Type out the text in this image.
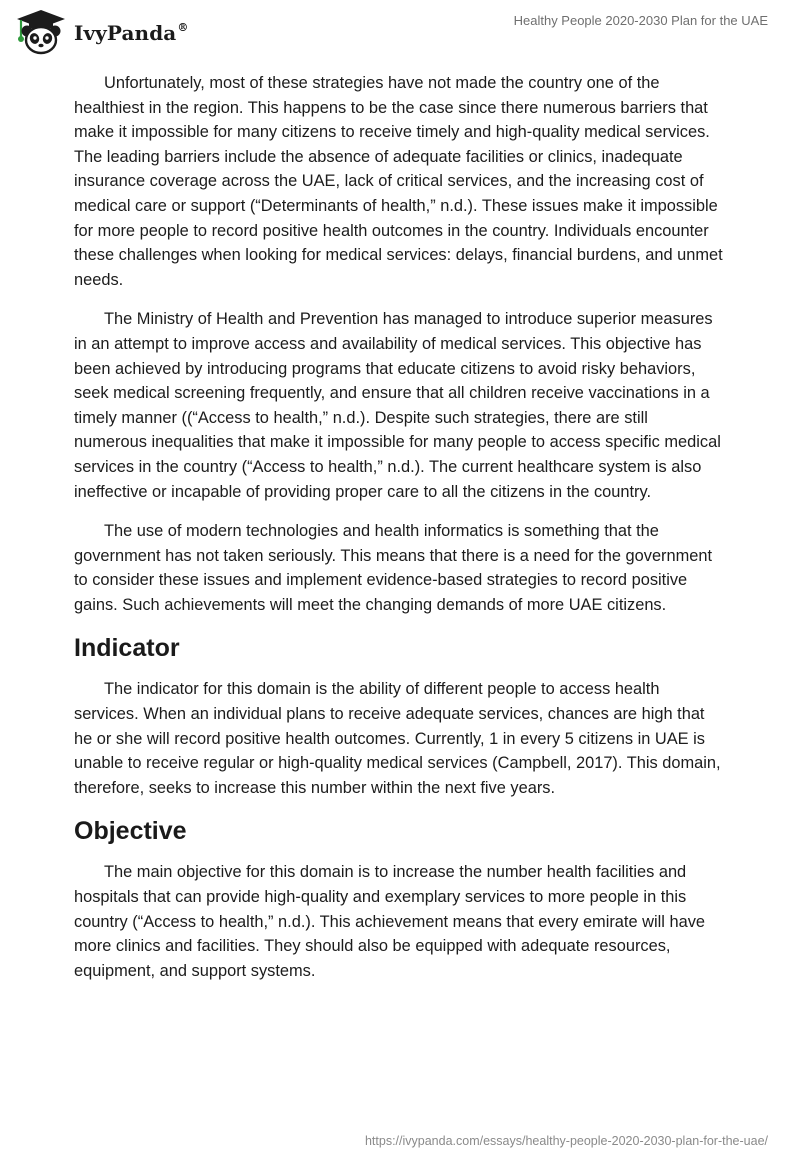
IvyPanda®	Healthy People 2020-2030 Plan for the UAE

Unfortunately, most of these strategies have not made the country one of the healthiest in the region. This happens to be the case since there numerous barriers that make it impossible for many citizens to receive timely and high-quality medical services. The leading barriers include the absence of adequate facilities or clinics, inadequate insurance coverage across the UAE, lack of critical services, and the increasing cost of medical care or support (“Determinants of health,” n.d.). These issues make it impossible for more people to record positive health outcomes in the country. Individuals encounter these challenges when looking for medical services: delays, financial burdens, and unmet needs.

The Ministry of Health and Prevention has managed to introduce superior measures in an attempt to improve access and availability of medical services. This objective has been achieved by introducing programs that educate citizens to avoid risky behaviors, seek medical screening frequently, and ensure that all children receive vaccinations in a timely manner ((“Access to health,” n.d.). Despite such strategies, there are still numerous inequalities that make it impossible for many people to access specific medical services in the country (“Access to health,” n.d.). The current healthcare system is also ineffective or incapable of providing proper care to all the citizens in the country.

The use of modern technologies and health informatics is something that the government has not taken seriously. This means that there is a need for the government to consider these issues and implement evidence-based strategies to record positive gains. Such achievements will meet the changing demands of more UAE citizens.

Indicator

The indicator for this domain is the ability of different people to access health services. When an individual plans to receive adequate services, chances are high that he or she will record positive health outcomes. Currently, 1 in every 5 citizens in UAE is unable to receive regular or high-quality medical services (Campbell, 2017). This domain, therefore, seeks to increase this number within the next five years.

Objective

The main objective for this domain is to increase the number health facilities and hospitals that can provide high-quality and exemplary services to more people in this country (“Access to health,” n.d.). This achievement means that every emirate will have more clinics and facilities. They should also be equipped with adequate resources, equipment, and support systems.

https://ivypanda.com/essays/healthy-people-2020-2030-plan-for-the-uae/
